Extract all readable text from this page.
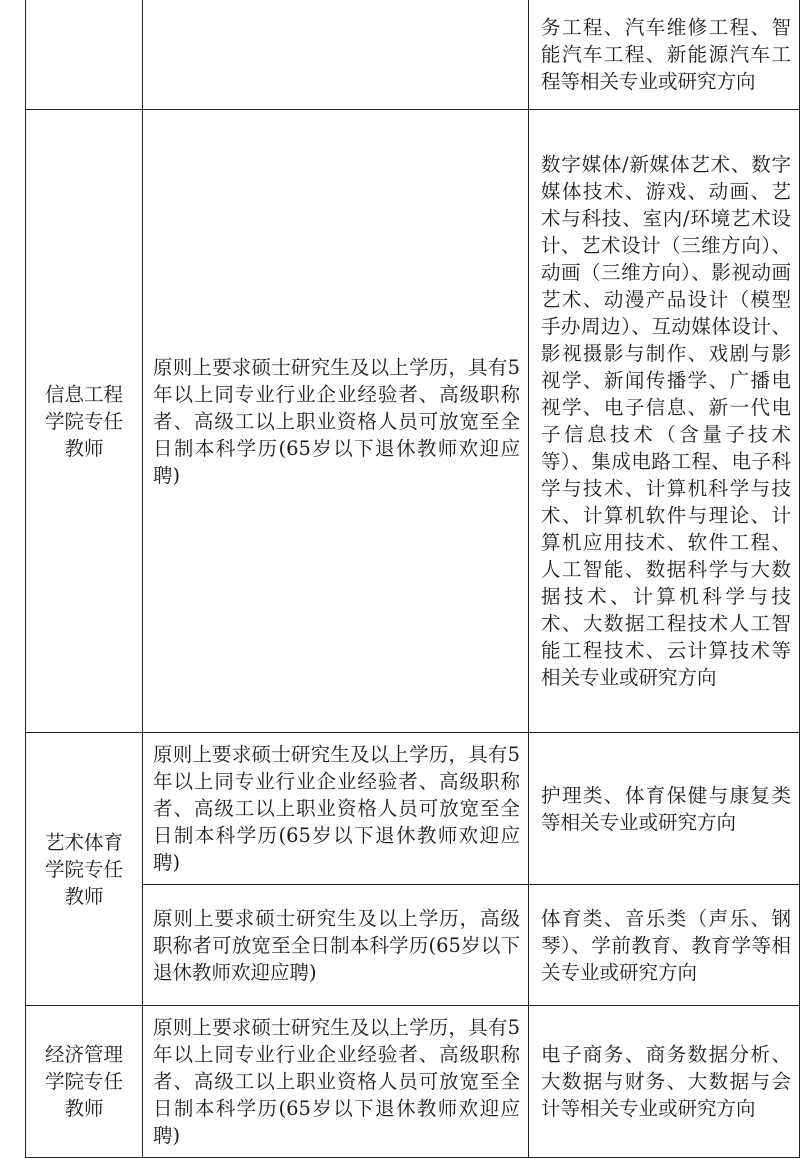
		务工程、汽车维修工程、智能汽车工程、新能源汽车工程等相关专业或研究方向

信息工程学院专任教师	原则上要求硕士研究生及以上学历，具有5年以上同专业行业企业经验者、高级职称者、高级工以上职业资格人员可放宽至全日制本科学历(65岁以下退休教师欢迎应聘)	数字媒体/新媒体艺术、数字媒体技术、游戏、动画、艺术与科技、室内/环境艺术设计、艺术设计（三维方向）、动画（三维方向）、影视动画艺术、动漫产品设计（模型手办周边）、互动媒体设计、影视摄影与制作、戏剧与影视学、新闻传播学、广播电视学、电子信息、新一代电子信息技术（含量子技术等）、集成电路工程、电子科学与技术、计算机科学与技术、计算机软件与理论、计算机应用技术、软件工程、人工智能、数据科学与大数据技术、计算机科学与技术、大数据工程技术人工智能工程技术、云计算技术等相关专业或研究方向

艺术体育学院专任教师	原则上要求硕士研究生及以上学历，具有5年以上同专业行业企业经验者、高级职称者、高级工以上职业资格人员可放宽至全日制本科学历(65岁以下退休教师欢迎应聘)	护理类、体育保健与康复类等相关专业或研究方向

	原则上要求硕士研究生及以上学历，高级职称者可放宽至全日制本科学历(65岁以下退休教师欢迎应聘)	体育类、音乐类（声乐、钢琴）、学前教育、教育学等相关专业或研究方向

经济管理学院专任教师	原则上要求硕士研究生及以上学历，具有5年以上同专业行业企业经验者、高级职称者、高级工以上职业资格人员可放宽至全日制本科学历(65岁以下退休教师欢迎应聘)	电子商务、商务数据分析、大数据与财务、大数据与会计等相关专业或研究方向
